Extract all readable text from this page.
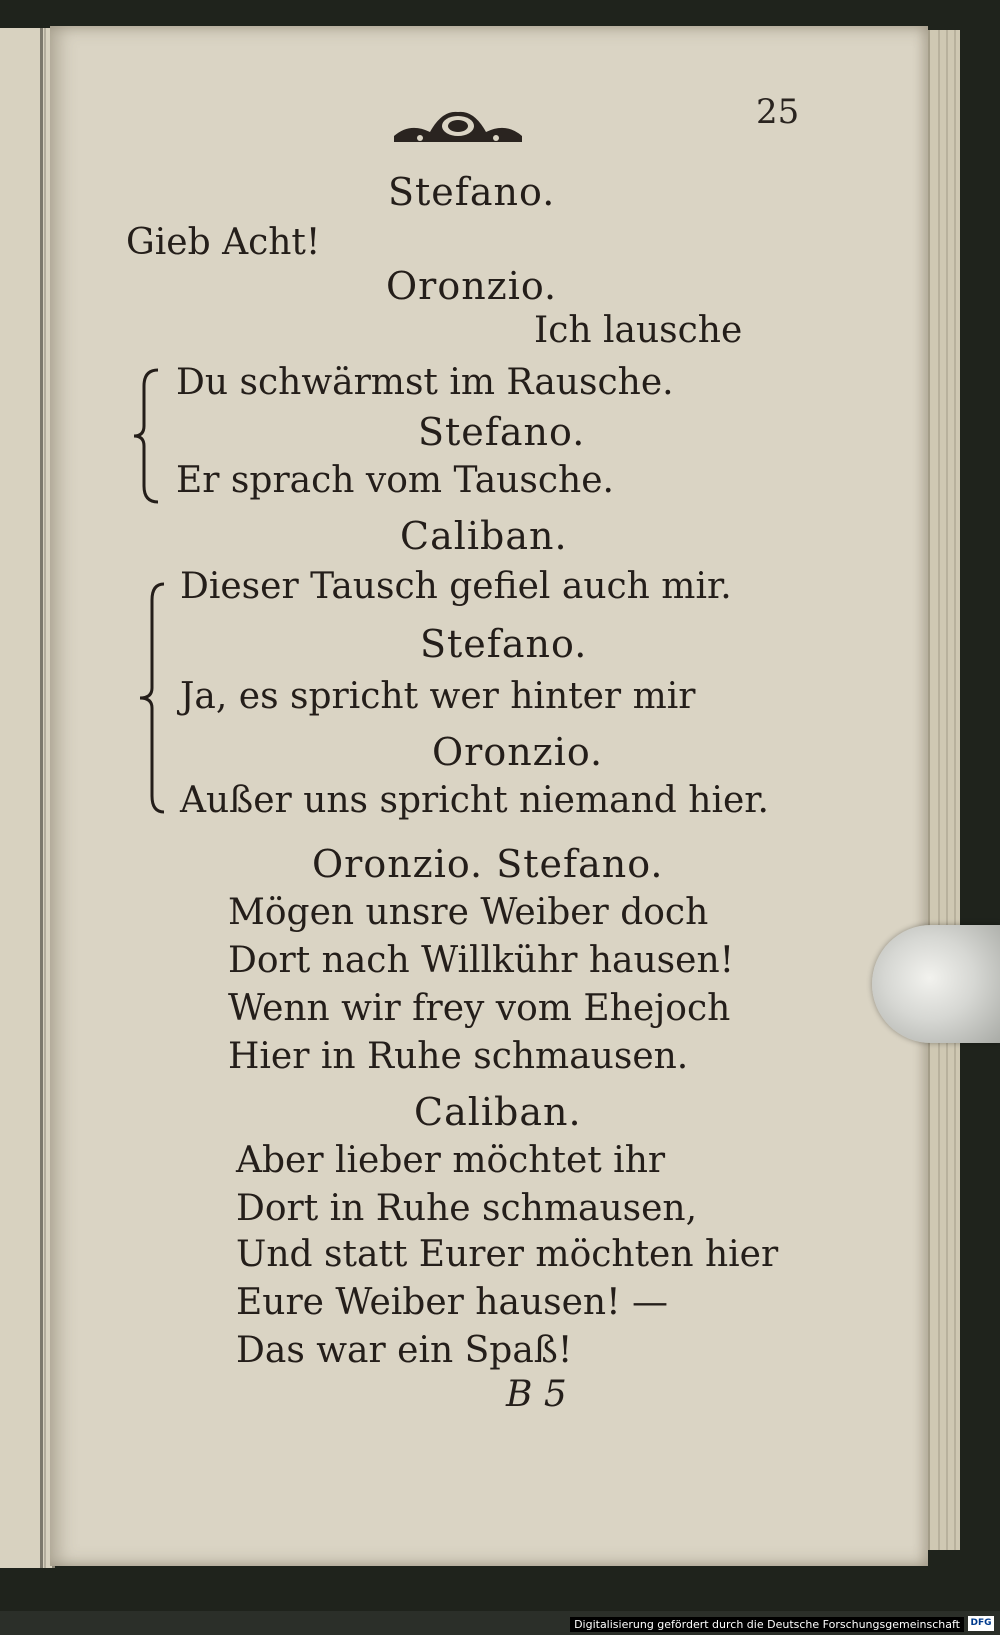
25
Stefano.
Gieb Acht!
Oronzio.
Ich lausche
Du schwärmst im Rausche.
Stefano.
Er sprach vom Tausche.
Caliban.
Dieser Tausch gefiel auch mir.
Stefano.
Ja, es spricht wer hinter mir
Oronzio.
Außer uns spricht niemand hier.
Oronzio. Stefano.
Mögen unsre Weiber doch
Dort nach Willkühr hausen!
Wenn wir frey vom Ehejoch
Hier in Ruhe schmausen.
Caliban.
Aber lieber möchtet ihr
Dort in Ruhe schmausen,
Und statt Eurer möchten hier
Eure Weiber hausen! —
Das war ein Spaß!
B 5
Digitalisierung gefördert durch die Deutsche Forschungsgemeinschaft	DFG
